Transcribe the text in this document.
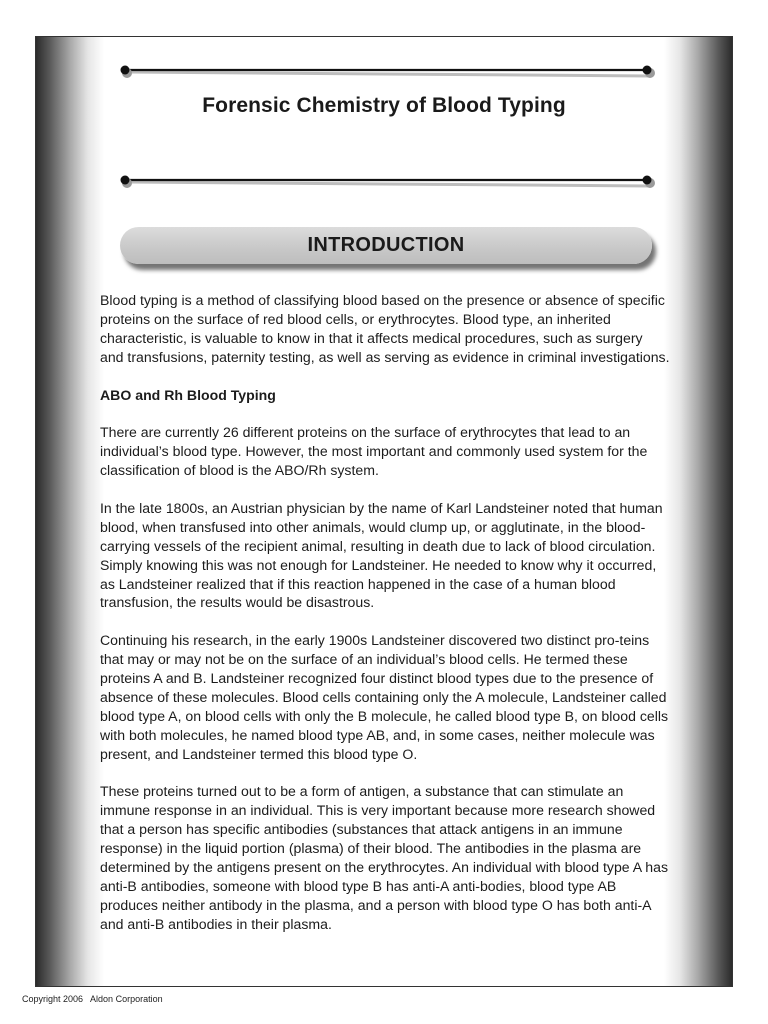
Forensic Chemistry of Blood Typing
INTRODUCTION

Blood typing is a method of classifying blood based on the presence or absence of specific proteins on the surface of red blood cells, or erythrocytes. Blood type, an inherited characteristic, is valuable to know in that it affects medical procedures, such as surgery and transfusions, paternity testing, as well as serving as evidence in criminal investigations.

ABO and Rh Blood Typing

There are currently 26 different proteins on the surface of erythrocytes that lead to an individual’s blood type. However, the most important and commonly used system for the classification of blood is the ABO/Rh system.

In the late 1800s, an Austrian physician by the name of Karl Landsteiner noted that human blood, when transfused into other animals, would clump up, or agglutinate, in the blood-carrying vessels of the recipient animal, resulting in death due to lack of blood circulation. Simply knowing this was not enough for Landsteiner. He needed to know why it occurred, as Landsteiner realized that if this reaction happened in the case of a human blood transfusion, the results would be disastrous.

Continuing his research, in the early 1900s Landsteiner discovered two distinct pro-teins that may or may not be on the surface of an individual’s blood cells. He termed these proteins A and B. Landsteiner recognized four distinct blood types due to the presence of absence of these molecules. Blood cells containing only the A molecule, Landsteiner called blood type A, on blood cells with only the B molecule, he called blood type B, on blood cells with both molecules, he named blood type AB, and, in some cases, neither molecule was present, and Landsteiner termed this blood type O.

These proteins turned out to be a form of antigen, a substance that can stimulate an immune response in an individual. This is very important because more research showed that a person has specific antibodies (substances that attack antigens in an immune response) in the liquid portion (plasma) of their blood. The antibodies in the plasma are determined by the antigens present on the erythrocytes. An individual with blood type A has anti-B antibodies, someone with blood type B has anti-A anti-bodies, blood type AB produces neither antibody in the plasma, and a person with blood type O has both anti-A and anti-B antibodies in their plasma.

Copyright 2006   Aldon Corporation
